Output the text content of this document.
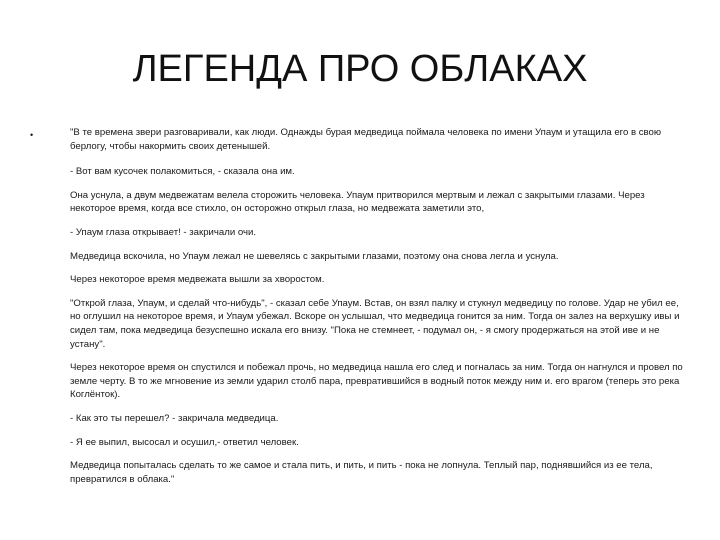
ЛЕГЕНДА ПРО ОБЛАКАХ
•	"В те времена звери разговаривали, как люди. Однажды бурая медведица поймала человека по имени Упаум и утащила его в свою берлогу, чтобы накормить своих детенышей.

- Вот вам кусочек полакомиться, - сказала она им.

Она уснула, а двум медвежатам велела сторожить человека. Упаум притворился мертвым и лежал с закрытыми глазами. Через некоторое время, когда все стихло, он осторожно открыл глаза, но медвежата заметили это,

- Упаум глаза открывает! - закричали очи.

Медведица вскочила, но Упаум лежал не шевелясь с закрытыми глазами, поэтому она снова легла и уснула.

Через некоторое время медвежата вышли за хворостом.

"Открой глаза, Упаум, и сделай что-нибудь", - сказал себе Упаум. Встав, он взял палку и стукнул медведицу по голове. Удар не убил ее, но оглушил на некоторое время, и Упаум убежал. Вскоре он услышал, что медведица гонится за ним. Тогда он залез на верхушку ивы и сидел там, пока медведица безуспешно искала его внизу. "Пока не стемнеет, - подумал он, - я смогу продержаться на этой иве и не устану".

Через некоторое время он спустился и побежал прочь, но медведица нашла его след и погналась за ним. Тогда он нагнулся и провел по земле черту. В то же мгновение из земли ударил столб пара, превратившийся в водный поток между ним и. его врагом (теперь это река Коглёнток).

- Как это ты перешел? - закричала медведица.

- Я ее выпил, высосал и осушил,- ответил человек.

Медведица попыталась сделать то же самое и стала пить, и пить, и пить - пока не лопнула. Теплый пар, поднявшийся из ее тела, превратился в облака."
